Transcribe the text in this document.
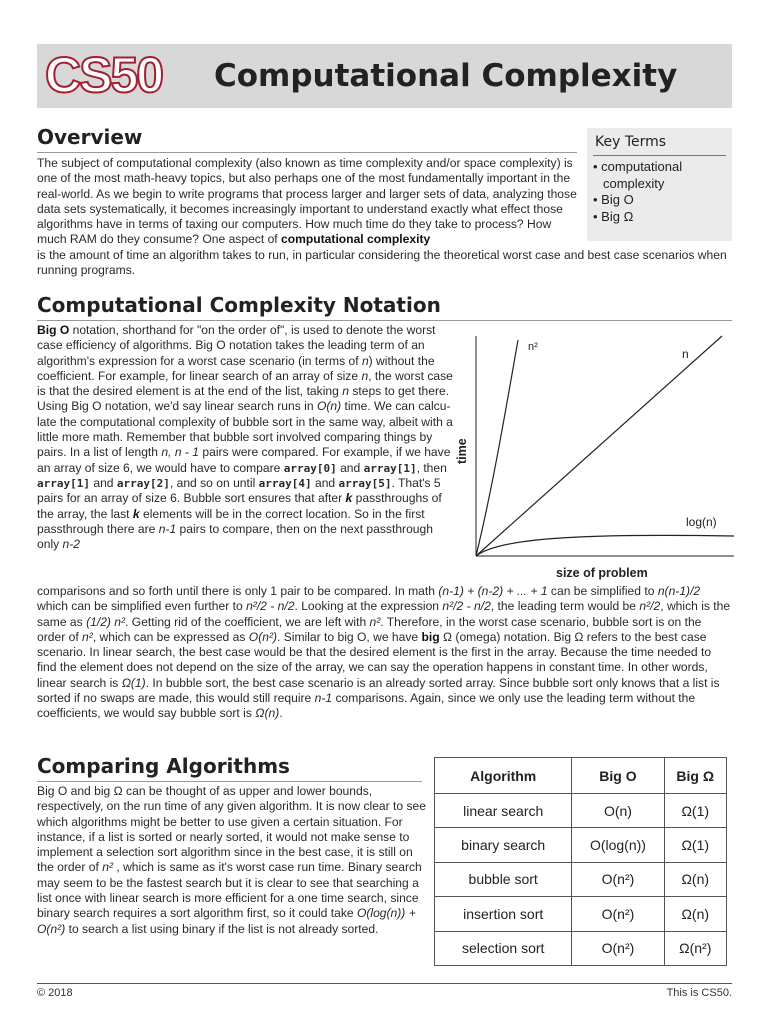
CS50 Computational Complexity
Overview
The subject of computational complexity (also known as time complexity and/or space complexity) is one of the most math-heavy topics, but also perhaps one of the most fundamentally important in the real-world. As we begin to write programs that process larger and larger sets of data, analyzing those data sets systematically, it becomes increasingly important to understand exactly what effect those algorithms have in terms of taxing our computers. How much time do they take to process? How much RAM do they consume? One aspect of computational complexity
is the amount of time an algorithm takes to run, in particular considering the theoretical worst case and best case scenarios when running programs.
Key Terms
• computational complexity
• Big O
• Big Ω
Computational Complexity Notation
Big O notation, shorthand for "on the order of", is used to denote the worst case efficiency of algorithms. Big O notation takes the leading term of an algorithm's expression for a worst case scenario (in terms of n) without the coefficient. For example, for linear search of an array of size n, the worst case is that the desired element is at the end of the list, taking n steps to get there. Using Big O notation, we'd say linear search runs in O(n) time. We can calculate the computational complexity of bubble sort in the same way, albeit with a little more math. Remember that bubble sort involved comparing things by pairs. In a list of length n, n - 1 pairs were compared. For example, if we have an array of size 6, we would have to compare array[0] and array[1], then array[1] and array[2], and so on until array[4] and array[5]. That's 5 pairs for an array of size 6. Bubble sort ensures that after k passthroughs of the array, the last k elements will be in the correct location. So in the first passthrough there are n-1 pairs to compare, then on the next passthrough only n-2
comparisons and so forth until there is only 1 pair to be compared. In math (n-1) + (n-2) + ... + 1 can be simplified to n(n-1)/2 which can be simplified even further to n²/2 - n/2. Looking at the expression n²/2 - n/2, the leading term would be n²/2, which is the same as (1/2) n². Getting rid of the coefficient, we are left with n². Therefore, in the worst case scenario, bubble sort is on the order of n², which can be expressed as O(n²). Similar to big O, we have big Ω (omega) notation. Big Ω refers to the best case scenario. In linear search, the best case would be that the desired element is the first in the array. Because the time needed to find the element does not depend on the size of the array, we can say the operation happens in constant time. In other words, linear search is Ω(1). In bubble sort, the best case scenario is an already sorted array. Since bubble sort only knows that a list is sorted if no swaps are made, this would still require n-1 comparisons. Again, since we only use the leading term without the coefficients, we would say bubble sort is Ω(n).
n²	n
log(n)
size of problem
time
Comparing Algorithms
Big O and big Ω can be thought of as upper and lower bounds, respectively, on the run time of any given algorithm. It is now clear to see which algorithms might be better to use given a certain situation. For instance, if a list is sorted or nearly sorted, it would not make sense to implement a selection sort algorithm since in the best case, it is still on the order of n² , which is same as it's worst case run time. Binary search may seem to be the fastest search but it is clear to see that searching a list once with linear search is more efficient for a one time search, since binary search requires a sort algorithm first, so it could take O(log(n)) + O(n²) to search a list using binary if the list is not already sorted.
Algorithm	Big O	Big Ω
linear search	O(n)	Ω(1)
binary search	O(log(n))	Ω(1)
bubble sort	O(n²)	Ω(n)
insertion sort	O(n²)	Ω(n)
selection sort	O(n²)	Ω(n²)
© 2018	This is CS50.
